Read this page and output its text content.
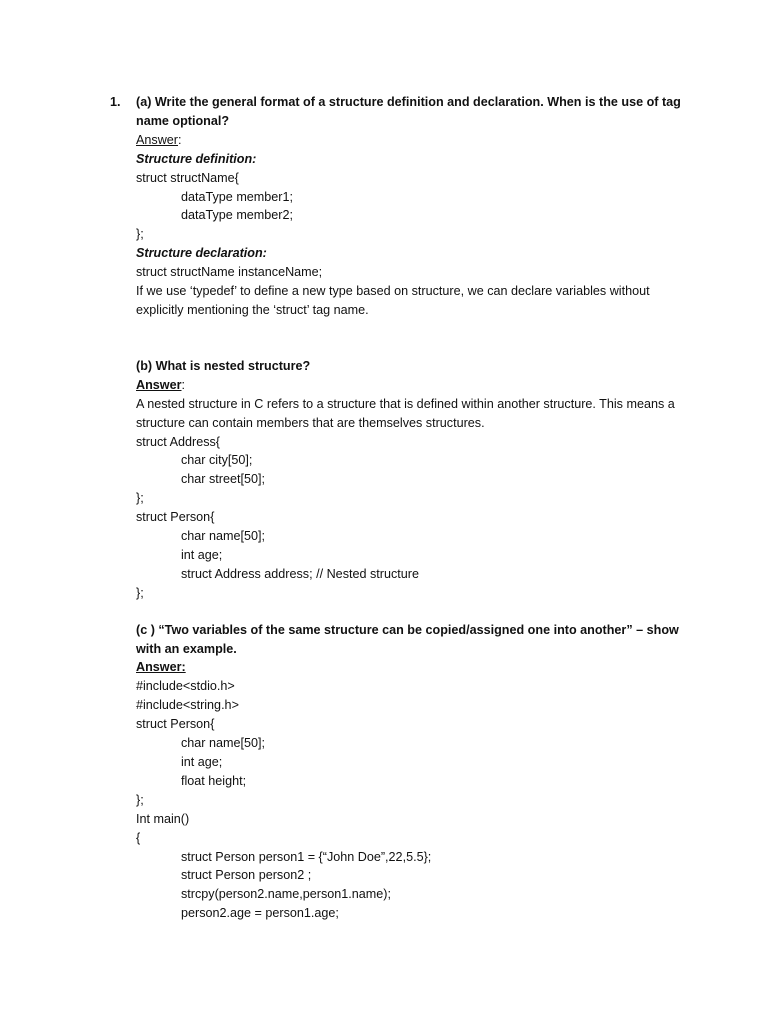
1. (a) Write the general format of a structure definition and declaration. When is the use of tag name optional?
Answer:
Structure definition:
struct structName{
dataType member1;
dataType member2;
};
Structure declaration:
struct structName instanceName;
If we use ‘typedef’ to define a new type based on structure, we can declare variables without explicitly mentioning the ‘struct’ tag name.
(b) What is nested structure?
Answer:
A nested structure in C refers to a structure that is defined within another structure. This means a structure can contain members that are themselves structures.
struct Address{
char city[50];
char street[50];
};
struct Person{
char name[50];
int age;
struct Address address; // Nested structure
};
(c ) “Two variables of the same structure can be copied/assigned one into another” – show with an example.
Answer:
#include<stdio.h>
#include<string.h>
struct Person{
char name[50];
int age;
float height;
};
Int main()
{
struct Person person1 = {“John Doe”,22,5.5};
struct Person person2 ;
strcpy(person2.name,person1.name);
person2.age = person1.age;
